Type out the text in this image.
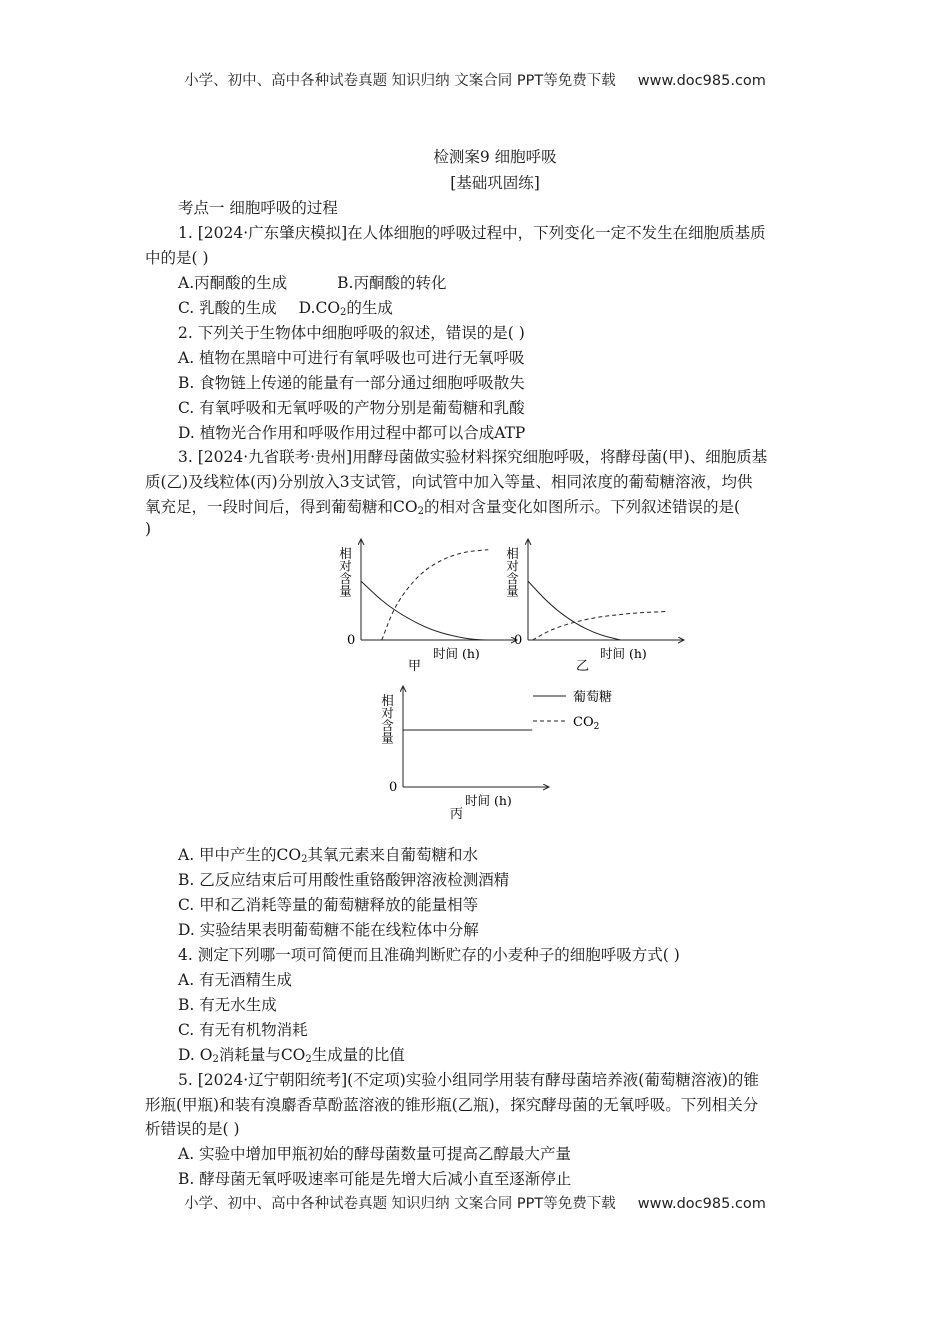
小学、初中、高中各种试卷真题 知识归纳 文案合同 PPT等免费下载 www.doc985.com
检测案9 细胞呼吸
[基础巩固练]
考点一 细胞呼吸的过程
1. [2024·广东肇庆模拟]在人体细胞的呼吸过程中，下列变化一定不发生在细胞质基质
中的是( )
A.丙酮酸的生成	B.丙酮酸的转化
C. 乳酸的生成 $D.CO_2$的生成
2. 下列关于生物体中细胞呼吸的叙述，错误的是( )
A. 植物在黑暗中可进行有氧呼吸也可进行无氧呼吸
B. 食物链上传递的能量有一部分通过细胞呼吸散失
C. 有氧呼吸和无氧呼吸的产物分别是葡萄糖和乳酸
D. 植物光合作用和呼吸作用过程中都可以合成ATP
3. [2024·九省联考·贵州]用酵母菌做实验材料探究细胞呼吸，将酵母菌(甲)、细胞质基
质(乙)及线粒体(丙)分别放入3支试管，向试管中加入等量、相同浓度的葡萄糖溶液，均供
氧充足，一段时间后，得到葡萄糖和$CO_2$的相对含量变化如图所示。下列叙述错误的是(
)
0
时间 (h)
相对含量
甲
0
时间 (h)
相对含量
乙
0
时间 (h)
相对含量
丙
葡萄糖
$CO_2$
A. 甲中产生的$CO_2$其氧元素来自葡萄糖和水
B. 乙反应结束后可用酸性重铬酸钾溶液检测酒精
C. 甲和乙消耗等量的葡萄糖释放的能量相等
D. 实验结果表明葡萄糖不能在线粒体中分解
4. 测定下列哪一项可简便而且准确判断贮存的小麦种子的细胞呼吸方式( )
A. 有无酒精生成
B. 有无水生成
C. 有无有机物消耗
D. $O_2$消耗量与$CO_2$生成量的比值
5. [2024·辽宁朝阳统考](不定项)实验小组同学用装有酵母菌培养液(葡萄糖溶液)的锥
形瓶(甲瓶)和装有溴麝香草酚蓝溶液的锥形瓶(乙瓶)，探究酵母菌的无氧呼吸。下列相关分
析错误的是( )
A. 实验中增加甲瓶初始的酵母菌数量可提高乙醇最大产量
B. 酵母菌无氧呼吸速率可能是先增大后减小直至逐渐停止
小学、初中、高中各种试卷真题 知识归纳 文案合同 PPT等免费下载 www.doc985.com
